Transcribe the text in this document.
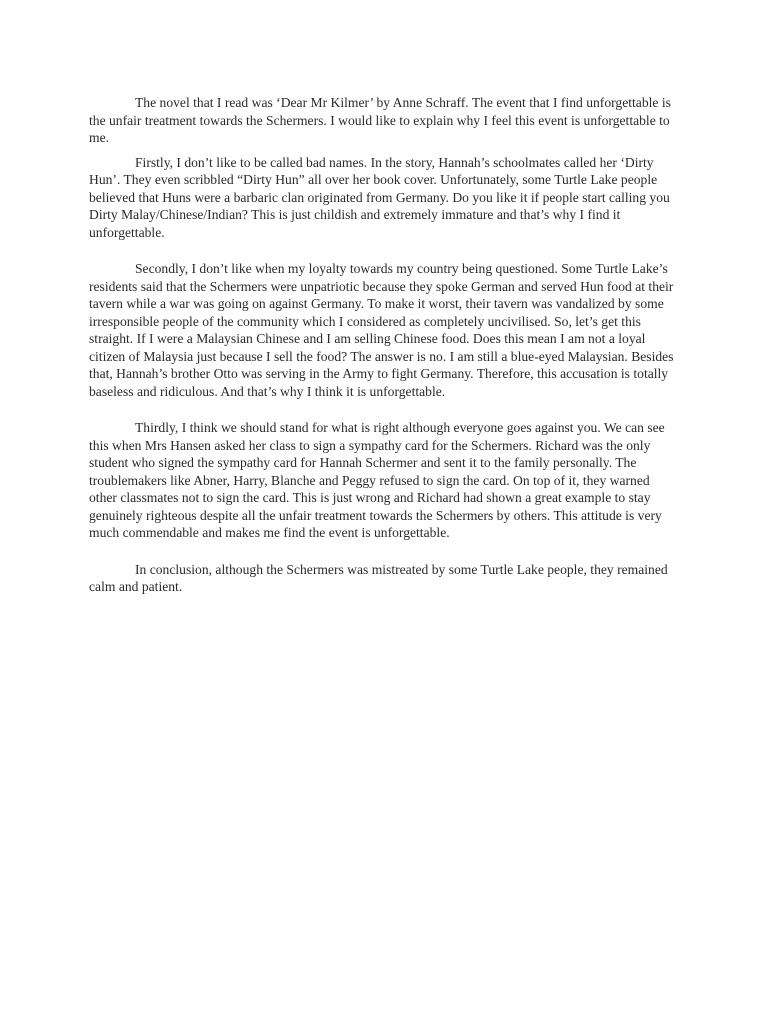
The novel that I read was ‘Dear Mr Kilmer’ by Anne Schraff. The event that I find unforgettable is the unfair treatment towards the Schermers. I would like to explain why I feel this event is unforgettable to me.

Firstly, I don’t like to be called bad names. In the story, Hannah’s schoolmates called her ‘Dirty Hun’. They even scribbled “Dirty Hun” all over her book cover. Unfortunately, some Turtle Lake people believed that Huns were a barbaric clan originated from Germany. Do you like it if people start calling you Dirty Malay/Chinese/Indian? This is just childish and extremely immature and that’s why I find it unforgettable.

Secondly, I don’t like when my loyalty towards my country being questioned. Some Turtle Lake’s residents said that the Schermers were unpatriotic because they spoke German and served Hun food at their tavern while a war was going on against Germany. To make it worst, their tavern was vandalized by some irresponsible people of the community which I considered as completely uncivilised. So, let’s get this straight. If I were a Malaysian Chinese and I am selling Chinese food. Does this mean I am not a loyal citizen of Malaysia just because I sell the food? The answer is no. I am still a blue-eyed Malaysian. Besides that, Hannah’s brother Otto was serving in the Army to fight Germany. Therefore, this accusation is totally baseless and ridiculous. And that’s why I think it is unforgettable.

Thirdly, I think we should stand for what is right although everyone goes against you. We can see this when Mrs Hansen asked her class to sign a sympathy card for the Schermers. Richard was the only student who signed the sympathy card for Hannah Schermer and sent it to the family personally. The troublemakers like Abner, Harry, Blanche and Peggy refused to sign the card. On top of it, they warned other classmates not to sign the card. This is just wrong and Richard had shown a great example to stay genuinely righteous despite all the unfair treatment towards the Schermers by others. This attitude is very much commendable and makes me find the event is unforgettable.

In conclusion, although the Schermers was mistreated by some Turtle Lake people, they remained calm and patient.
